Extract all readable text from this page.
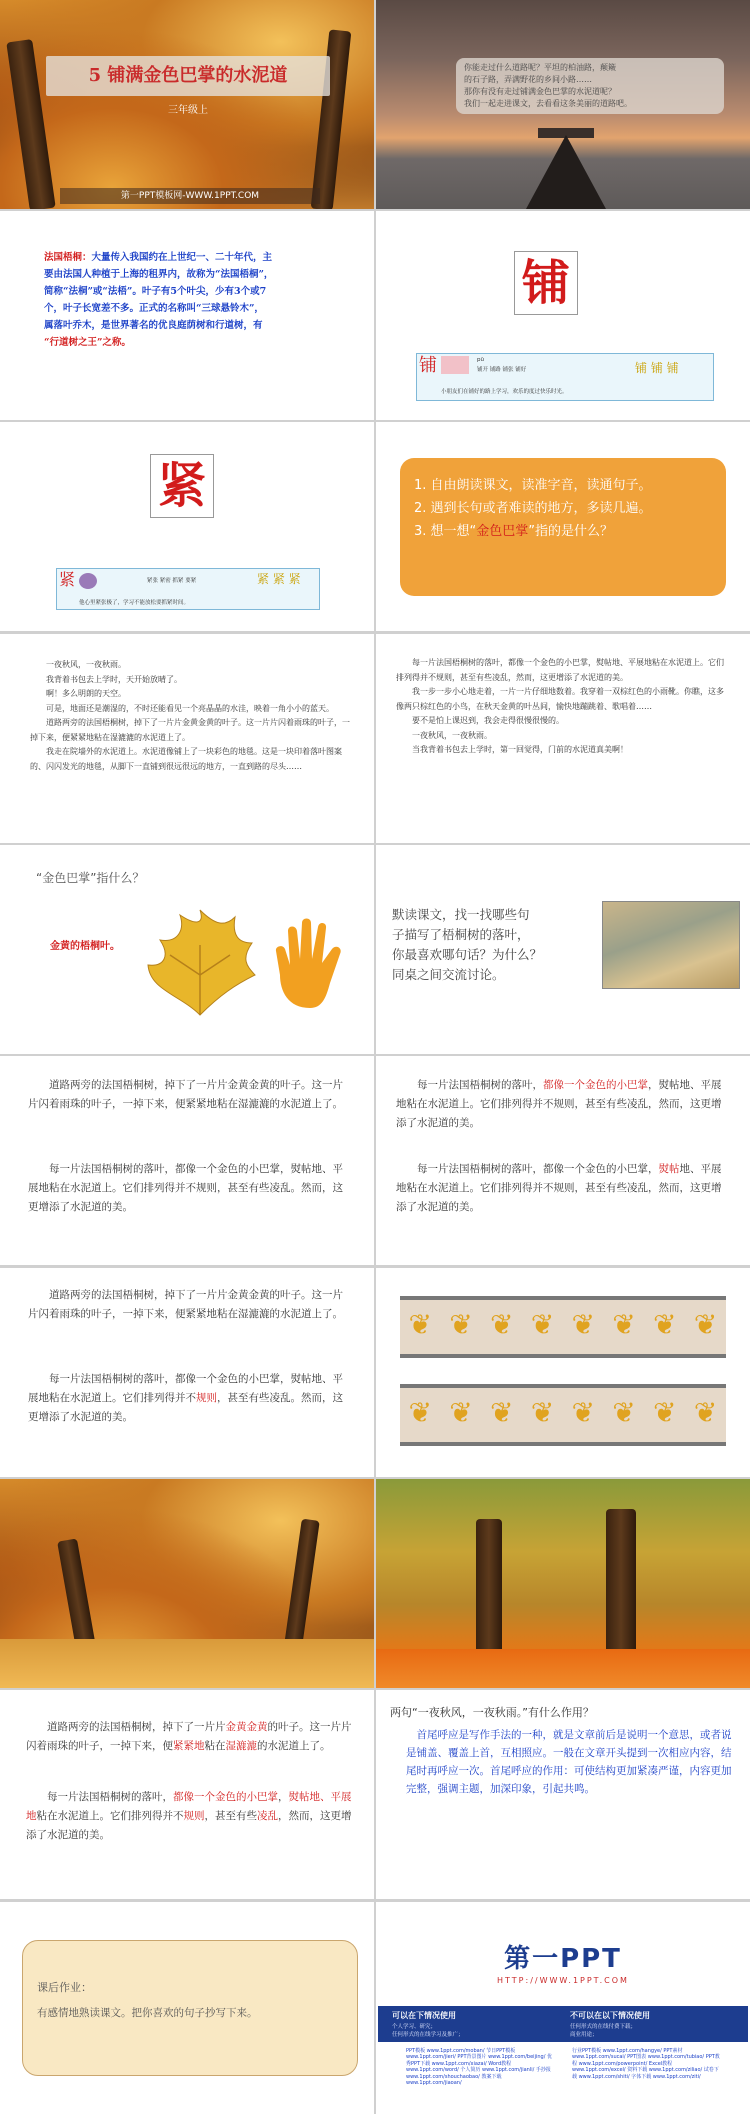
5 铺满金色巴掌的水泥道
三年级上
第一PPT模板网-WWW.1PPT.COM
你能走过什么道路呢？平坦的柏油路，颠簸
的石子路，弄满野花的乡间小路……
那你有没有走过铺满金色巴掌的水泥道呢？
我们一起走进课文，去看看这条美丽的道路吧。
法国梧桐：大量传入我国约在上世纪一、二十年代，主
要由法国人种植于上海的租界内，故称为“法国梧桐”，
简称“法桐”或“法梧”。叶子有5个叶尖，少有3个或7
个，叶子长宽差不多。正式的名称叫“三球悬铃木”，
属落叶乔木，是世界著名的优良庭荫树和行道树，有
“行道树之王”之称。
铺
铺	pū
铺开 铺路 铺张 铺好	铺 铺 铺
小朋友们在铺好的路上学习，欢乐的度过快乐时光。
紧
紧	紧张 紧密 抓紧 要紧	紧 紧 紧
他心里紧张极了，学习不能放松要抓紧时间。
1. 自由朗读课文，读准字音，读通句子。
2. 遇到长句或者难读的地方，多读几遍。
3. 想一想“金色巴掌”指的是什么？
一夜秋风，一夜秋雨。
我背着书包去上学时，天开始放晴了。
啊！多么明朗的天空。
可是，地面还是潮湿的，不时还能看见一个亮晶晶的水洼，映着一角小小的蓝天。
道路两旁的法国梧桐树，掉下了一片片金黄金黄的叶子。这一片片闪着雨珠的叶子，一掉下来，便紧紧地粘在湿漉漉的水泥道上了。
我走在院墙外的水泥道上。水泥道像铺上了一块彩色的地毯。这是一块印着落叶图案的、闪闪发光的地毯，从脚下一直铺到很远很远的地方，一直到路的尽头……
每一片法国梧桐树的落叶，都像一个金色的小巴掌，熨帖地、平展地粘在水泥道上。它们排列得并不规则，甚至有些凌乱，然而，这更增添了水泥道的美。
我一步一步小心地走着，一片一片仔细地数着。我穿着一双棕红色的小雨靴。你瞧，这多像两只棕红色的小鸟，在秋天金黄的叶丛间，愉快地蹦跳着、歌唱着……
要不是怕上课迟到，我会走得很慢很慢的。
一夜秋风，一夜秋雨。
当我背着书包去上学时，第一回觉得，门前的水泥道真美啊！
“金色巴掌”指什么？
金黄的梧桐叶。
默读课文，找一找哪些句
子描写了梧桐树的落叶，
你最喜欢哪句话？为什么？
同桌之间交流讨论。
道路两旁的法国梧桐树，掉下了一片片金黄金黄的叶子。这一片片闪着雨珠的叶子，一掉下来，便紧紧地粘在湿漉漉的水泥道上了。
每一片法国梧桐树的落叶，都像一个金色的小巴掌，熨帖地、平展地粘在水泥道上。它们排列得并不规则，甚至有些凌乱。然而，这更增添了水泥道的美。
每一片法国梧桐树的落叶，都像一个金色的小巴掌，熨帖地、平展地粘在水泥道上。它们排列得并不规则，甚至有些凌乱，然而，这更增添了水泥道的美。
每一片法国梧桐树的落叶，都像一个金色的小巴掌，熨帖地、平展地粘在水泥道上。它们排列得并不规则，甚至有些凌乱，然而，这更增添了水泥道的美。
道路两旁的法国梧桐树，掉下了一片片金黄金黄的叶子。这一片片闪着雨珠的叶子，一掉下来，便紧紧地粘在湿漉漉的水泥道上了。
每一片法国梧桐树的落叶，都像一个金色的小巴掌，熨帖地、平展地粘在水泥道上。它们排列得并不规则，甚至有些凌乱。然而，这更增添了水泥道的美。
❦ ❦ ❦ ❦ ❦ ❦ ❦ ❦
❦ ❦ ❦ ❦ ❦ ❦ ❦ ❦
道路两旁的法国梧桐树，掉下了一片片金黄金黄的叶子。这一片片闪着雨珠的叶子，一掉下来，便紧紧地粘在湿漉漉的水泥道上了。
每一片法国梧桐树的落叶，都像一个金色的小巴掌，熨帖地、平展地粘在水泥道上。它们排列得并不规则，甚至有些凌乱，然而，这更增添了水泥道的美。
两句“一夜秋风，一夜秋雨。”有什么作用？
首尾呼应是写作手法的一种，就是文章前后是说明一个意思，或者说是铺盖、覆盖上首，互相照应。一般在文章开头提到一次相应内容，结尾时再呼应一次。首尾呼应的作用：可使结构更加紧凑严谨，内容更加完整，强调主题，加深印象，引起共鸣。
课后作业：
有感情地熟读课文。把你喜欢的句子抄写下来。
第一PPT
HTTP://WWW.1PPT.COM
可以在下情况使用
个人学习、研究；
任何形式的在线学习及推广；
不可以在以下情况使用
任何形式的在线付费下载；
商业用途；
PPT模板 www.1ppt.com/moban/ 节日PPT模板 www.1ppt.com/jieri/ PPT背景图片 www.1ppt.com/beijing/ 优秀PPT下载 www.1ppt.com/xiazai/ Word教程 www.1ppt.com/word/ 个人简历 www.1ppt.com/jianli/ 手抄报 www.1ppt.com/shouchaobao/ 教案下载 www.1ppt.com/jiaoan/
行业PPT模板 www.1ppt.com/hangye/ PPT素材 www.1ppt.com/sucai/ PPT图表 www.1ppt.com/tubiao/ PPT教程 www.1ppt.com/powerpoint/ Excel教程 www.1ppt.com/excel/ 资料下载 www.1ppt.com/ziliao/ 试卷下载 www.1ppt.com/shiti/ 字体下载 www.1ppt.com/ziti/
